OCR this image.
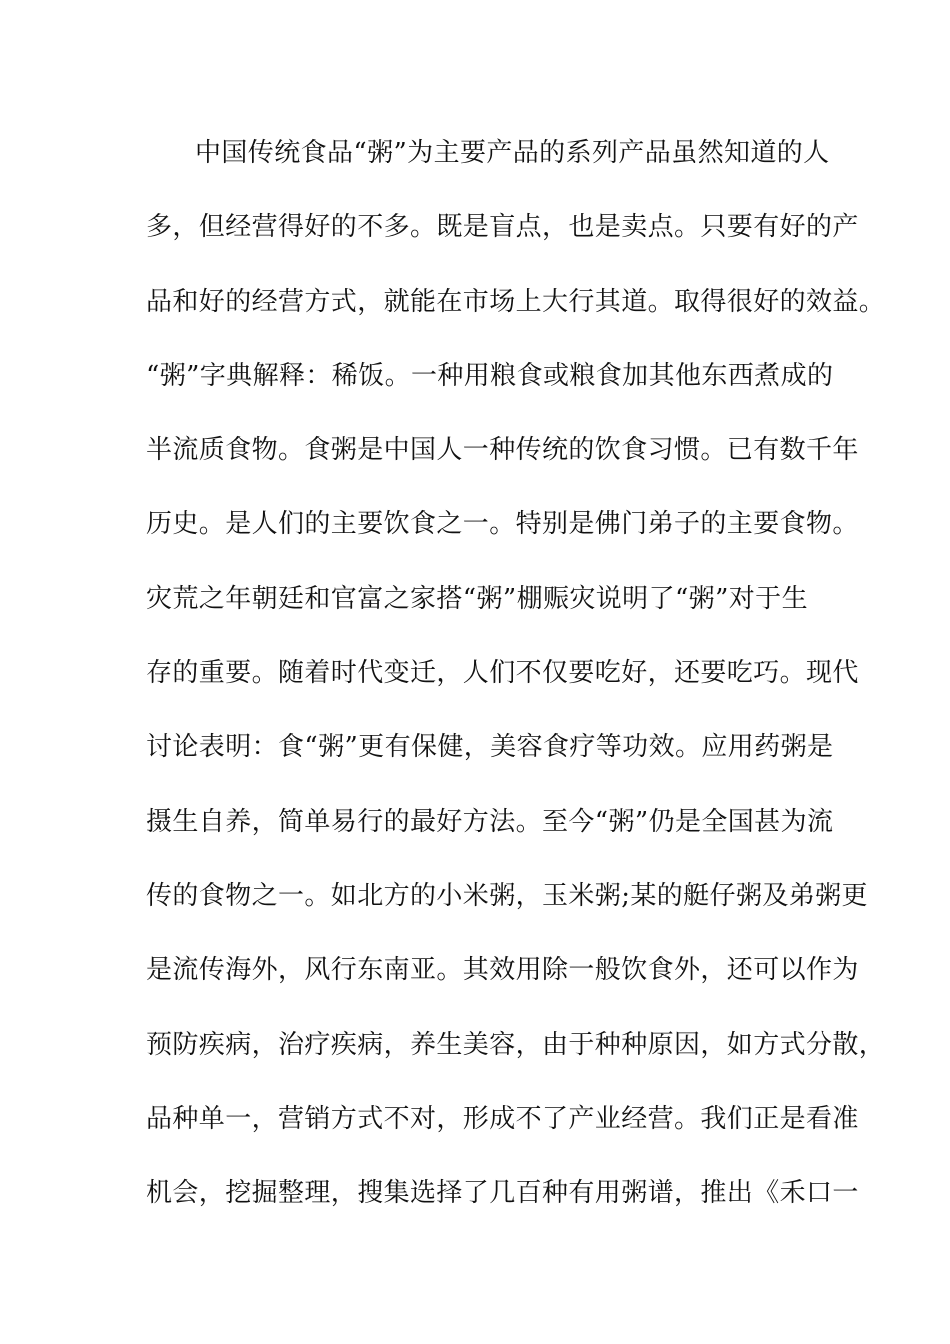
中国传统食品“粥”为主要产品的系列产品虽然知道的人
多，但经营得好的不多。既是盲点，也是卖点。只要有好的产
品和好的经营方式，就能在市场上大行其道。取得很好的效益。
“粥”字典解释：稀饭。一种用粮食或粮食加其他东西煮成的
半流质食物。食粥是中国人一种传统的饮食习惯。已有数千年
历史。是人们的主要饮食之一。特别是佛门弟子的主要食物。
灾荒之年朝廷和官富之家搭“粥”棚赈灾说明了“粥”对于生
存的重要。随着时代变迁，人们不仅要吃好，还要吃巧。现代
讨论表明：食“粥”更有保健，美容食疗等功效。应用药粥是
摄生自养，简单易行的最好方法。至今“粥”仍是全国甚为流
传的食物之一。如北方的小米粥，玉米粥;某的艇仔粥及弟粥更
是流传海外，风行东南亚。其效用除一般饮食外，还可以作为
预防疾病，治疗疾病，养生美容，由于种种原因，如方式分散，
品种单一，营销方式不对，形成不了产业经营。我们正是看准
机会，挖掘整理，搜集选择了几百种有用粥谱，推出《禾口一
